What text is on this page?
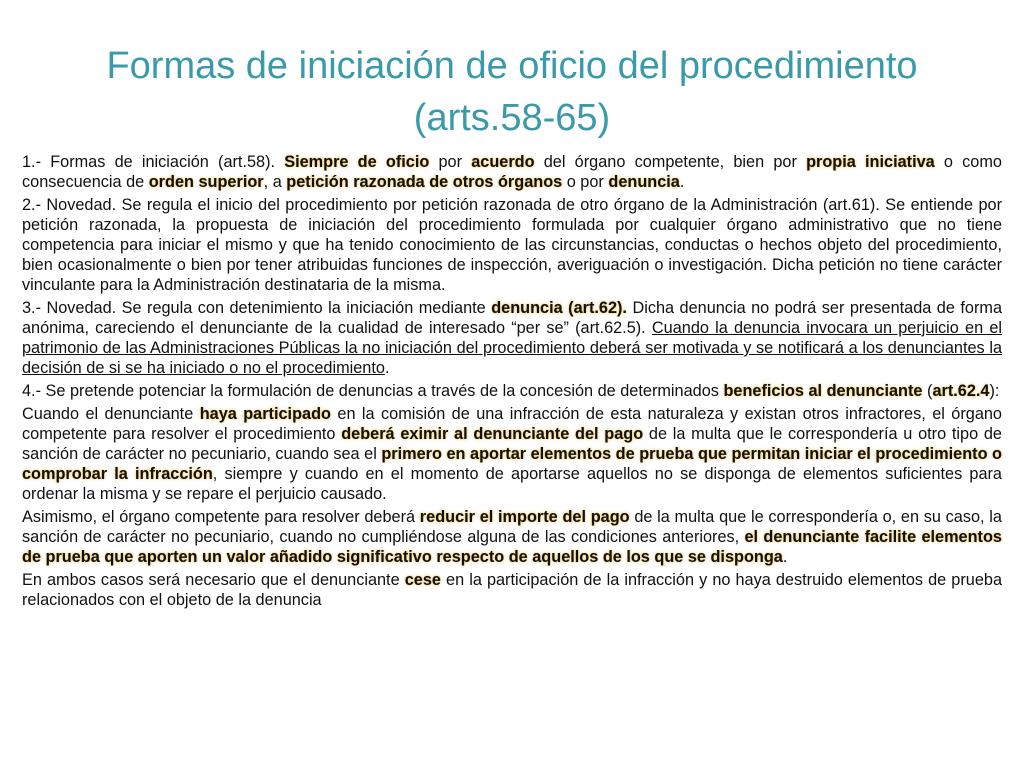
Formas de iniciación de oficio del procedimiento
(arts.58-65)

1.- Formas de iniciación (art.58). Siempre de oficio por acuerdo del órgano competente, bien por propia iniciativa o como consecuencia de orden superior, a petición razonada de otros órganos o por denuncia.

2.- Novedad. Se regula el inicio del procedimiento por petición razonada de otro órgano de la Administración (art.61). Se entiende por petición razonada, la propuesta de iniciación del procedimiento formulada por cualquier órgano administrativo que no tiene competencia para iniciar el mismo y que ha tenido conocimiento de las circunstancias, conductas o hechos objeto del procedimiento, bien ocasionalmente o bien por tener atribuidas funciones de inspección, averiguación o investigación. Dicha petición no tiene carácter vinculante para la Administración destinataria de la misma.

3.- Novedad. Se regula con detenimiento la iniciación mediante denuncia (art.62). Dicha denuncia no podrá ser presentada de forma anónima, careciendo el denunciante de la cualidad de interesado “per se” (art.62.5). Cuando la denuncia invocara un perjuicio en el patrimonio de las Administraciones Públicas la no iniciación del procedimiento deberá ser motivada y se notificará a los denunciantes la decisión de si se ha iniciado o no el procedimiento.

4.- Se pretende potenciar la formulación de denuncias a través de la concesión de determinados beneficios al denunciante (art.62.4):

Cuando el denunciante haya participado en la comisión de una infracción de esta naturaleza y existan otros infractores, el órgano competente para resolver el procedimiento deberá eximir al denunciante del pago de la multa que le correspondería u otro tipo de sanción de carácter no pecuniario, cuando sea el primero en aportar elementos de prueba que permitan iniciar el procedimiento o comprobar la infracción, siempre y cuando en el momento de aportarse aquellos no se disponga de elementos suficientes para ordenar la misma y se repare el perjuicio causado.

Asimismo, el órgano competente para resolver deberá reducir el importe del pago de la multa que le correspondería o, en su caso, la sanción de carácter no pecuniario, cuando no cumpliéndose alguna de las condiciones anteriores, el denunciante facilite elementos de prueba que aporten un valor añadido significativo respecto de aquellos de los que se disponga.

En ambos casos será necesario que el denunciante cese en la participación de la infracción y no haya destruido elementos de prueba relacionados con el objeto de la denuncia
